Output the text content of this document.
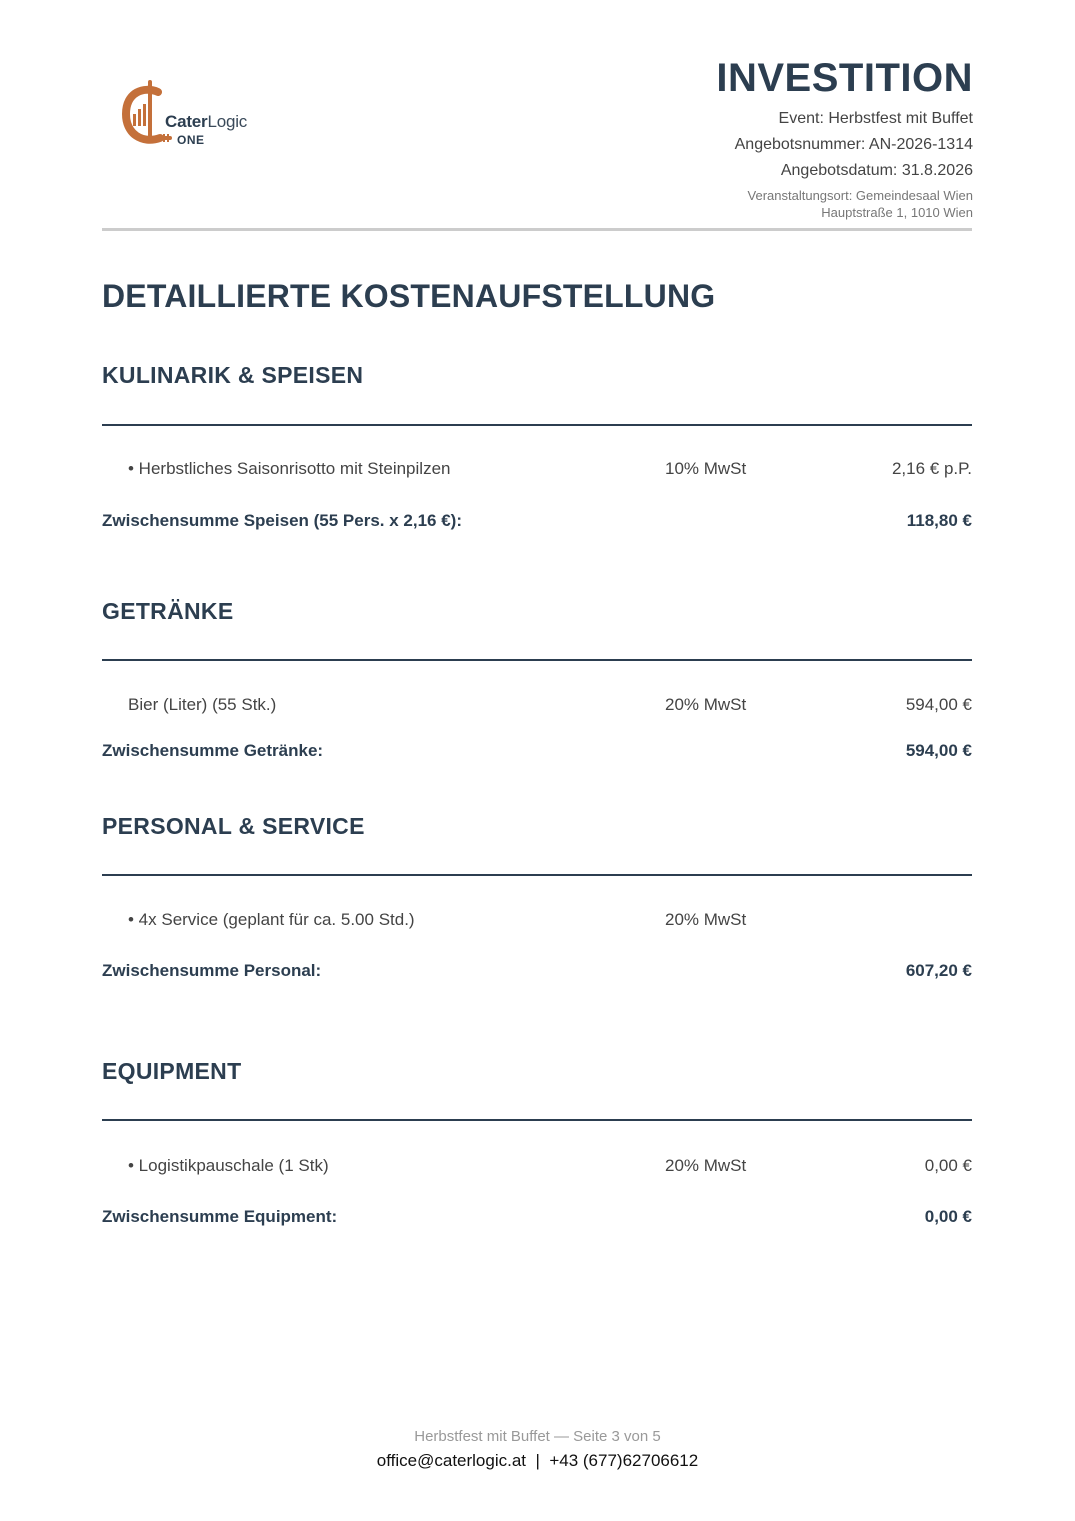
CaterLogic
ONE
INVESTITION
Event: Herbstfest mit Buffet
Angebotsnummer: AN-2026-1314
Angebotsdatum: 31.8.2026
Veranstaltungsort: Gemeindesaal Wien
Hauptstraße 1, 1010 Wien
DETAILLIERTE KOSTENAUFSTELLUNG
KULINARIK & SPEISEN
• Herbstliches Saisonrisotto mit Steinpilzen	10% MwSt	2,16 € p.P.
Zwischensumme Speisen (55 Pers. x 2,16 €):	118,80 €
GETRÄNKE
Bier (Liter) (55 Stk.)	20% MwSt	594,00 €
Zwischensumme Getränke:	594,00 €
PERSONAL & SERVICE
• 4x Service (geplant für ca. 5.00 Std.)	20% MwSt
Zwischensumme Personal:	607,20 €
EQUIPMENT
• Logistikpauschale (1 Stk)	20% MwSt	0,00 €
Zwischensumme Equipment:	0,00 €
Herbstfest mit Buffet — Seite 3 von 5
office@caterlogic.at  |  +43 (677)62706612
